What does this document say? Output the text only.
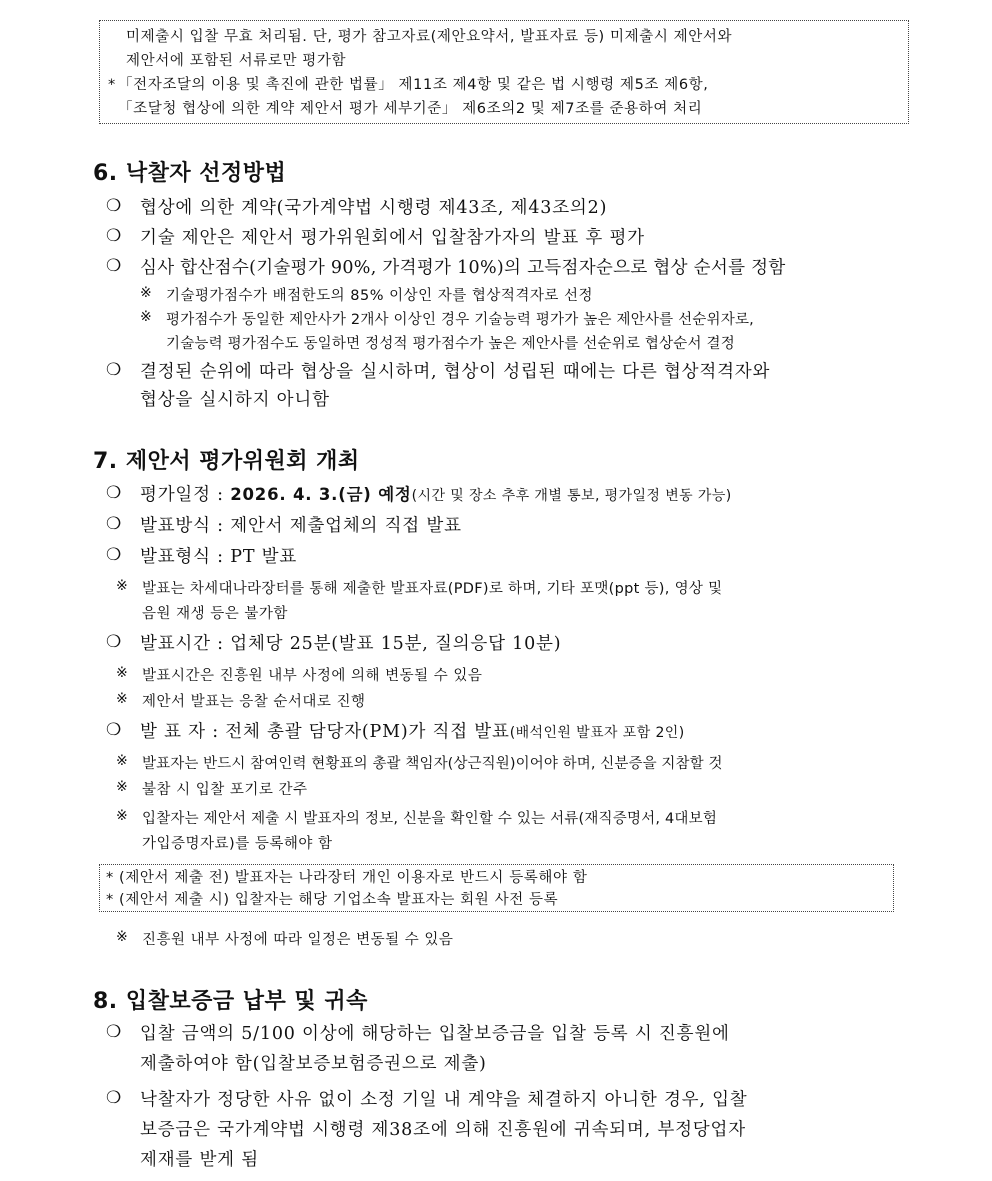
미제출시 입찰 무효 처리됨. 단, 평가 참고자료(제안요약서, 발표자료 등) 미제출시 제안서와
제안서에 포함된 서류로만 평가함
* 「전자조달의 이용 및 촉진에 관한 법률」 제11조 제4항 및 같은 법 시행령 제5조 제6항,
「조달청 협상에 의한 계약 제안서 평가 세부기준」 제6조의2 및 제7조를 준용하여 처리
6. 낙찰자 선정방법
❍ 협상에 의한 계약(국가계약법 시행령 제43조, 제43조의2)
❍ 기술 제안은 제안서 평가위원회에서 입찰참가자의 발표 후 평가
❍ 심사 합산점수(기술평가 90%, 가격평가 10%)의 고득점자순으로 협상 순서를 정함
※ 기술평가점수가 배점한도의 85% 이상인 자를 협상적격자로 선정
※ 평가점수가 동일한 제안사가 2개사 이상인 경우 기술능력 평가가 높은 제안사를 선순위자로,
기술능력 평가점수도 동일하면 정성적 평가점수가 높은 제안사를 선순위로 협상순서 결정
❍ 결정된 순위에 따라 협상을 실시하며, 협상이 성립된 때에는 다른 협상적격자와
협상을 실시하지 아니함
7. 제안서 평가위원회 개최
❍ 평가일정 : 2026. 4. 3.(금) 예정(시간 및 장소 추후 개별 통보, 평가일정 변동 가능)
❍ 발표방식 : 제안서 제출업체의 직접 발표
❍ 발표형식 : PT 발표
※ 발표는 차세대나라장터를 통해 제출한 발표자료(PDF)로 하며, 기타 포맷(ppt 등), 영상 및
음원 재생 등은 불가함
❍ 발표시간 : 업체당 25분(발표 15분, 질의응답 10분)
※ 발표시간은 진흥원 내부 사정에 의해 변동될 수 있음
※ 제안서 발표는 응찰 순서대로 진행
❍ 발 표 자 : 전체 총괄 담당자(PM)가 직접 발표(배석인원 발표자 포함 2인)
※ 발표자는 반드시 참여인력 현황표의 총괄 책임자(상근직원)이어야 하며, 신분증을 지참할 것
※ 불참 시 입찰 포기로 간주
※ 입찰자는 제안서 제출 시 발표자의 정보, 신분을 확인할 수 있는 서류(재직증명서, 4대보험
가입증명자료)를 등록해야 함
* (제안서 제출 전) 발표자는 나라장터 개인 이용자로 반드시 등록해야 함
* (제안서 제출 시) 입찰자는 해당 기업소속 발표자는 회원 사전 등록
※ 진흥원 내부 사정에 따라 일정은 변동될 수 있음
8. 입찰보증금 납부 및 귀속
❍ 입찰 금액의 5/100 이상에 해당하는 입찰보증금을 입찰 등록 시 진흥원에
제출하여야 함(입찰보증보험증권으로 제출)
❍ 낙찰자가 정당한 사유 없이 소정 기일 내 계약을 체결하지 아니한 경우, 입찰
보증금은 국가계약법 시행령 제38조에 의해 진흥원에 귀속되며, 부정당업자
제재를 받게 됨
